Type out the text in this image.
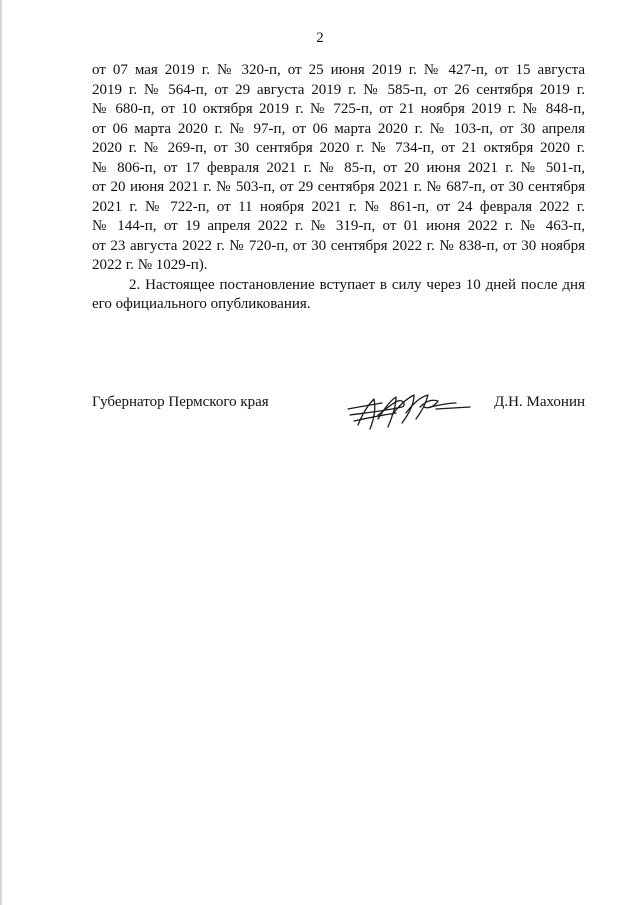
2

от 07 мая 2019 г. № 320-п, от 25 июня 2019 г. № 427-п, от 15 августа
2019 г. № 564-п, от 29 августа 2019 г. № 585-п, от 26 сентября 2019 г.
№ 680-п, от 10 октября 2019 г. № 725-п, от 21 ноября 2019 г. № 848-п,
от 06 марта 2020 г. № 97-п, от 06 марта 2020 г. № 103-п, от 30 апреля
2020 г. № 269-п, от 30 сентября 2020 г. № 734-п, от 21 октября 2020 г.
№ 806-п, от 17 февраля 2021 г. № 85-п, от 20 июня 2021 г. № 501-п,
от 20 июня 2021 г. № 503-п, от 29 сентября 2021 г. № 687-п, от 30 сентября
2021 г. № 722-п, от 11 ноября 2021 г. № 861-п, от 24 февраля 2022 г.
№ 144-п, от 19 апреля 2022 г. № 319-п, от 01 июня 2022 г. № 463-п,
от 23 августа 2022 г. № 720-п, от 30 сентября 2022 г. № 838-п, от 30 ноября
2022 г. № 1029-п).

2. Настоящее постановление вступает в силу через 10 дней после дня
его официального опубликования.

Губернатор Пермского края	Д.Н. Махонин
